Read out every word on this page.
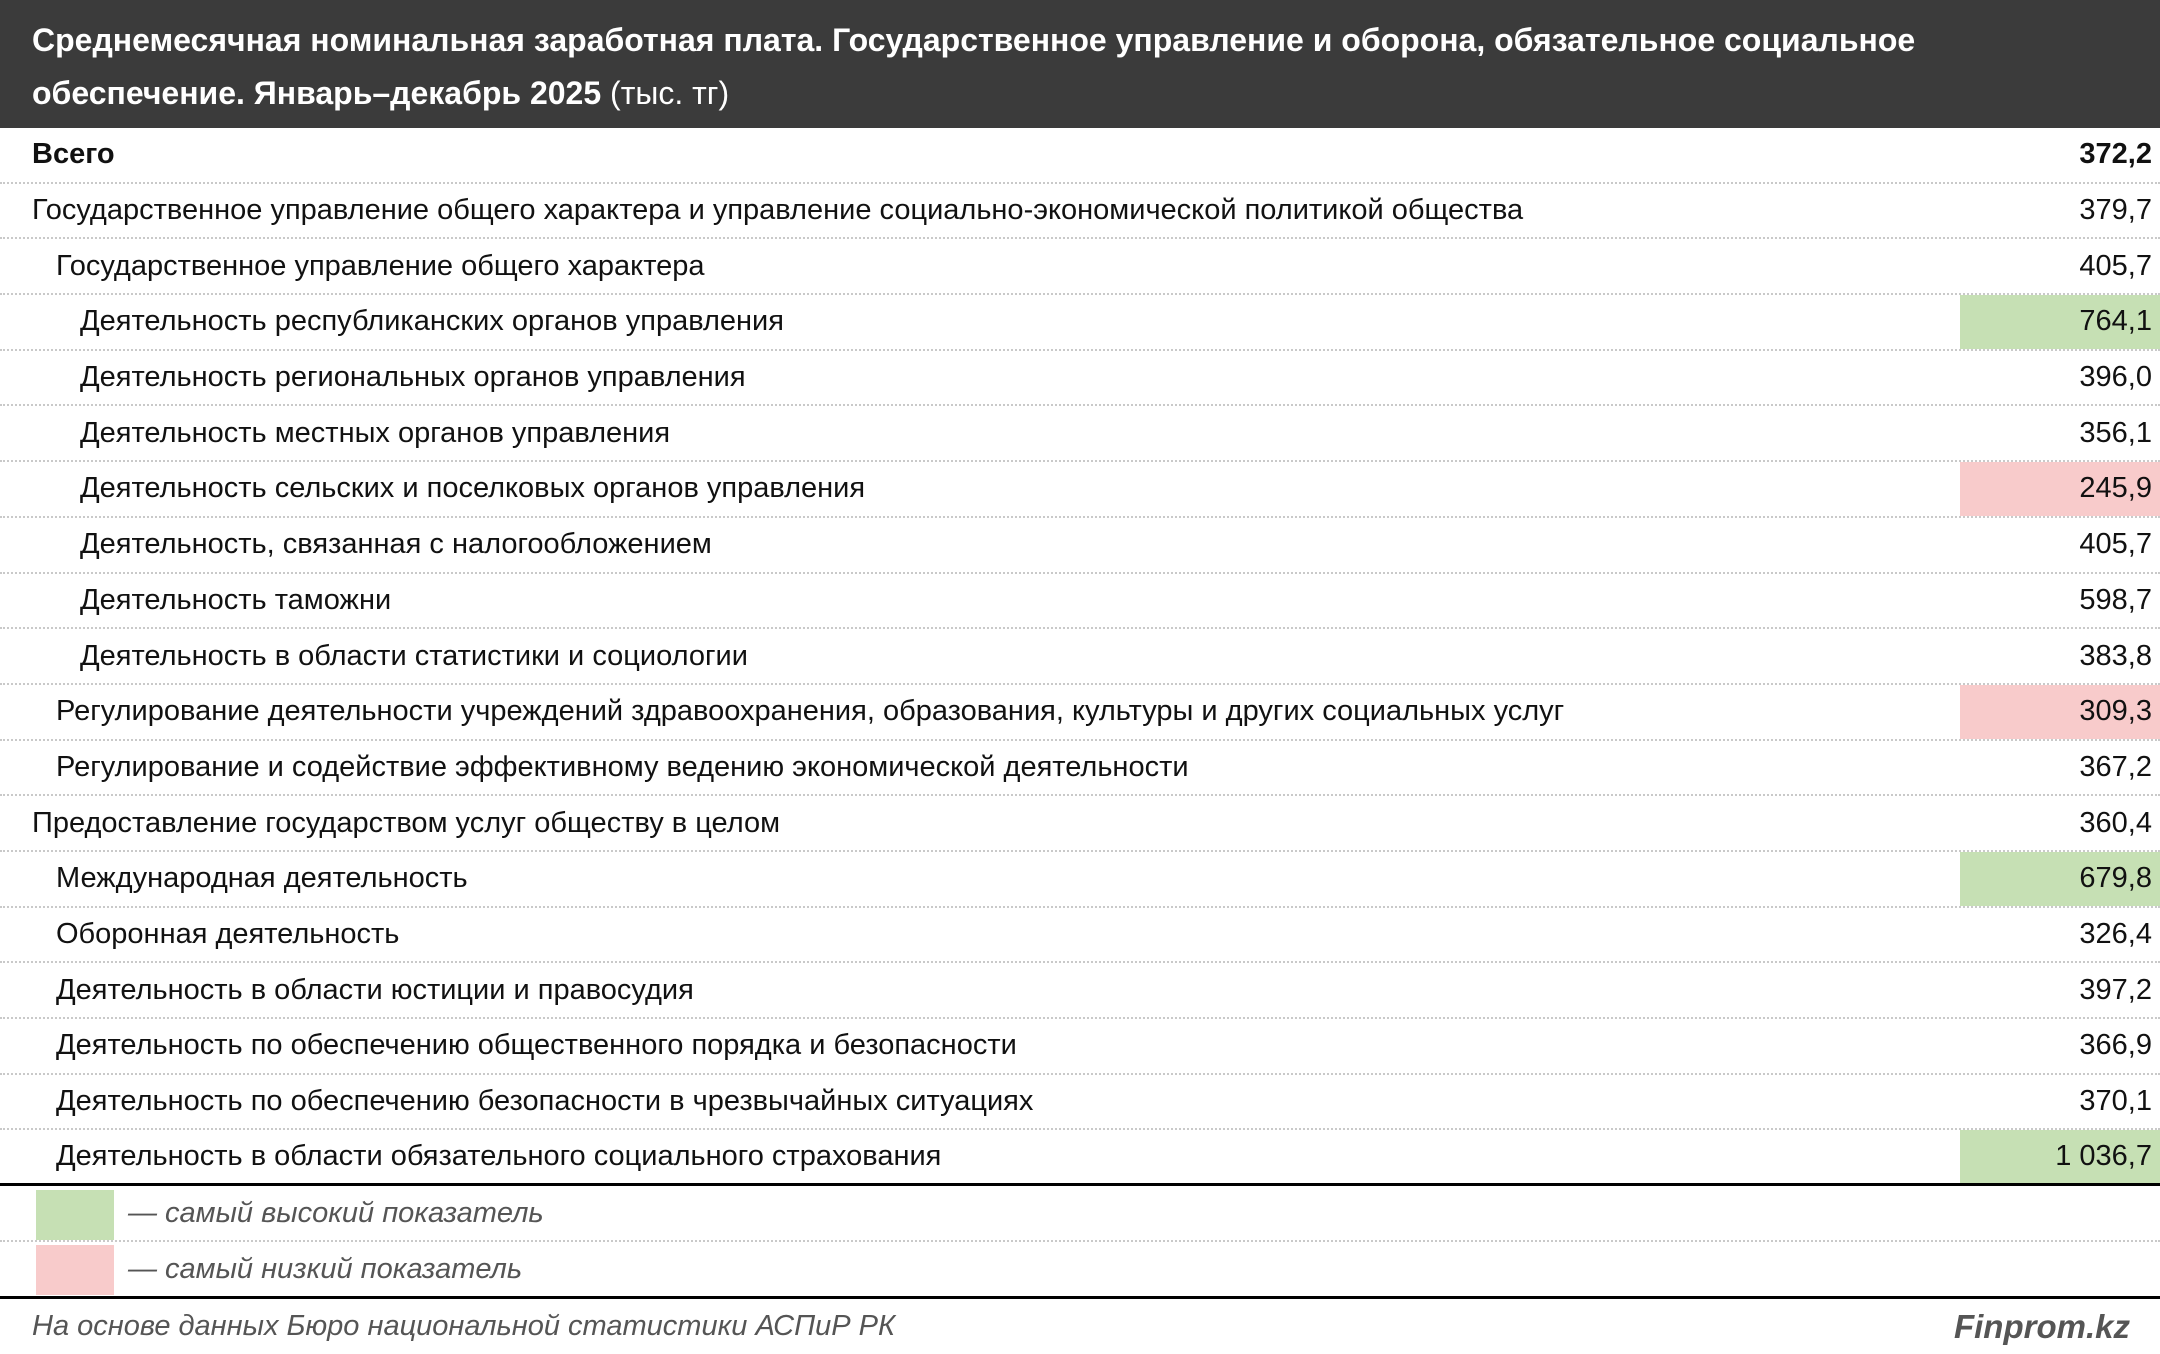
Среднемесячная номинальная заработная плата. Государственное управление и оборона, обязательное социальное обеспечение. Январь–декабрь 2025 (тыс. тг)
Всего	372,2
Государственное управление общего характера и управление социально-экономической политикой общества	379,7
Государственное управление общего характера	405,7
Деятельность республиканских органов управления	764,1
Деятельность региональных органов управления	396,0
Деятельность местных органов управления	356,1
Деятельность сельских и поселковых органов управления	245,9
Деятельность, связанная с налогообложением	405,7
Деятельность таможни	598,7
Деятельность в области статистики и социологии	383,8
Регулирование деятельности учреждений здравоохранения, образования, культуры и других социальных услуг	309,3
Регулирование и содействие эффективному ведению экономической деятельности	367,2
Предоставление государством услуг обществу в целом	360,4
Международная деятельность	679,8
Оборонная деятельность	326,4
Деятельность в области юстиции и правосудия	397,2
Деятельность по обеспечению общественного порядка и безопасности	366,9
Деятельность по обеспечению безопасности в чрезвычайных ситуациях	370,1
Деятельность в области обязательного социального страхования	1 036,7
— самый высокий показатель
— самый низкий показатель
На основе данных Бюро национальной статистики АСПиР РК	Finprom.kz
